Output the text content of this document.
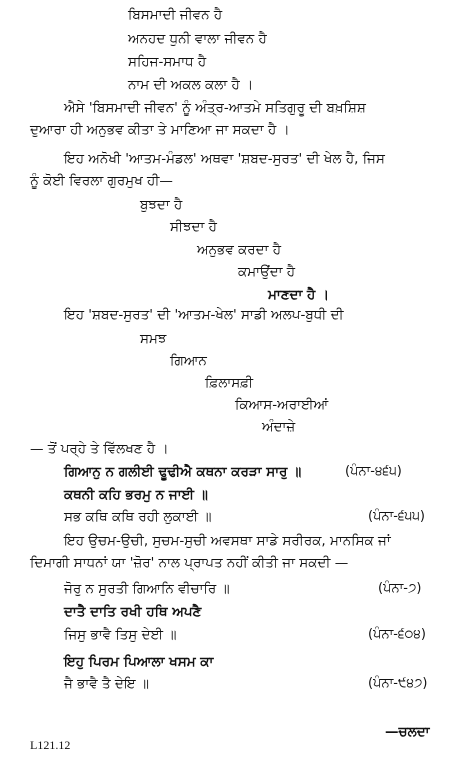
ਬਿਸਮਾਦੀ ਜੀਵਨ ਹੈ
ਅਨਹਦ ਧੁਨੀ ਵਾਲਾ ਜੀਵਨ ਹੈ
ਸਹਿਜ-ਸਮਾਧ ਹੈ
ਨਾਮ ਦੀ ਅਕਲ ਕਲਾ ਹੈ ।
ਐਸੇ 'ਬਿਸਮਾਦੀ ਜੀਵਨ' ਨੂੰ ਅੰਤ੍ਰ-ਆਤਮੇ ਸਤਿਗੁਰੂ ਦੀ ਬਖ਼ਸ਼ਿਸ਼
ਦੁਆਰਾ ਹੀ ਅਨੁਭਵ ਕੀਤਾ ਤੇ ਮਾਣਿਆ ਜਾ ਸਕਦਾ ਹੈ ।
ਇਹ ਅਨੋਖੀ 'ਆਤਮ-ਮੰਡਲ' ਅਥਵਾ 'ਸ਼ਬਦ-ਸੁਰਤ' ਦੀ ਖੇਲ ਹੈ, ਜਿਸ
ਨੂੰ ਕੋਈ ਵਿਰਲਾ ਗੁਰਮੁਖ ਹੀ—
ਬੁਝਦਾ ਹੈ
ਸੀਝਦਾ ਹੈ
ਅਨੁਭਵ ਕਰਦਾ ਹੈ
ਕਮਾਉਂਦਾ ਹੈ
ਮਾਣਦਾ ਹੈ ।
ਇਹ 'ਸ਼ਬਦ-ਸੁਰਤ' ਦੀ 'ਆਤਮ-ਖੇਲ' ਸਾਡੀ ਅਲਪ-ਬੁਧੀ ਦੀ
ਸਮਝ
ਗਿਆਨ
ਫ਼ਿਲਾਸਫ਼ੀ
ਕਿਆਸ-ਅਰਾਈਆਂ
ਅੰਦਾਜ਼ੇ
— ਤੋਂ ਪਰ੍ਹੇ ਤੇ ਵਿੱਲਖਣ ਹੈ ।
ਗਿਆਨੁ ਨ ਗਲੀਈ ਢੂਢੀਐ ਕਥਨਾ ਕਰੜਾ ਸਾਰੁ ॥	(ਪੰਨਾ-੪੬੫)
ਕਥਨੀ ਕਹਿ ਭਰਮੁ ਨ ਜਾਈ ॥
ਸਭ ਕਥਿ ਕਥਿ ਰਹੀ ਲੁਕਾਈ ॥	(ਪੰਨਾ-੬੫੫)
ਇਹ ਉਚਮ-ਉਚੀ, ਸੁਚਮ-ਸੁਚੀ ਅਵਸਥਾ ਸਾਡੇ ਸਰੀਰਕ, ਮਾਨਸਿਕ ਜਾਂ
ਦਿਮਾਗੀ ਸਾਧਨਾਂ ਯਾ 'ਜ਼ੋਰ' ਨਾਲ ਪ੍ਰਾਪਤ ਨਹੀਂ ਕੀਤੀ ਜਾ ਸਕਦੀ —
ਜੋਰੁ ਨ ਸੁਰਤੀ ਗਿਆਨਿ ਵੀਚਾਰਿ ॥	(ਪੰਨਾ-੭)
ਦਾਤੈ ਦਾਤਿ ਰਖੀ ਹਥਿ ਅਪਣੈ
ਜਿਸੁ ਭਾਵੈ ਤਿਸੁ ਦੇਈ ॥	(ਪੰਨਾ-੬੦੪)
ਇਹੁ ਪਿਰਮ ਪਿਆਲਾ ਖਸਮ ਕਾ
ਜੈ ਭਾਵੈ ਤੈ ਦੇਇ ॥	(ਪੰਨਾ-੯੪੭)
—ਚਲਦਾ
L121.12
